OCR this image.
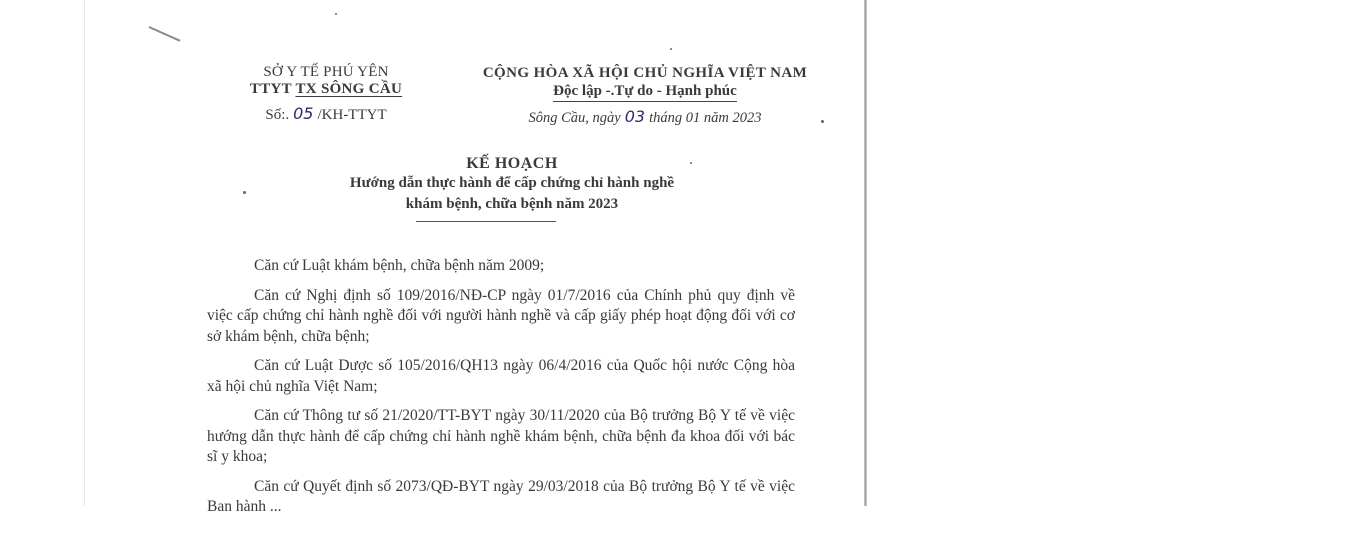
SỞ Y TẾ PHÚ YÊN
TTYT TX SÔNG CẦU
Số:. 05 /KH-TTYT
CỘNG HÒA XÃ HỘI CHỦ NGHĨA VIỆT NAM
Độc lập -.Tự do - Hạnh phúc
Sông Cầu, ngày 03 tháng 01 năm 2023
KẾ HOẠCH
Hướng dẫn thực hành để cấp chứng chỉ hành nghề
khám bệnh, chữa bệnh năm 2023

Căn cứ Luật khám bệnh, chữa bệnh năm 2009;

Căn cứ Nghị định số 109/2016/NĐ-CP ngày 01/7/2016 của Chính phủ quy định về việc cấp chứng chỉ hành nghề đối với người hành nghề và cấp giấy phép hoạt động đối với cơ sở khám bệnh, chữa bệnh;

Căn cứ Luật Dược số 105/2016/QH13 ngày 06/4/2016 của Quốc hội nước Cộng hòa xã hội chủ nghĩa Việt Nam;

Căn cứ Thông tư số 21/2020/TT-BYT ngày 30/11/2020 của Bộ trưởng Bộ Y tế về việc hướng dẫn thực hành để cấp chứng chỉ hành nghề khám bệnh, chữa bệnh đa khoa đối với bác sĩ y khoa;

Căn cứ Quyết định số 2073/QĐ-BYT ngày 29/03/2018 của Bộ trưởng Bộ Y tế về việc Ban hành ...
